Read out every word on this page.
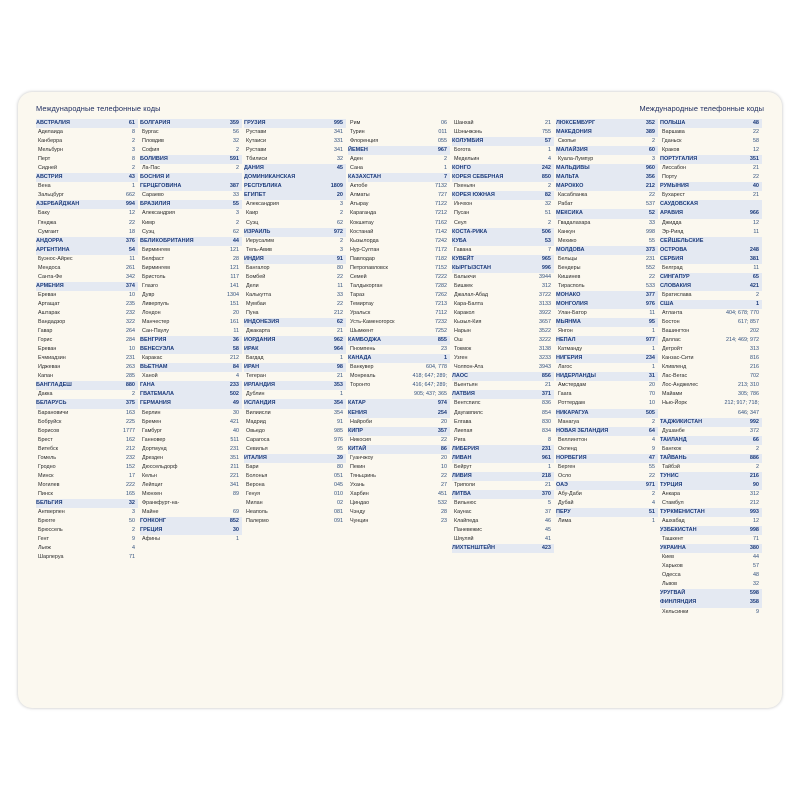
Международные телефонные коды	Международные телефонные коды
АВСТРАЛИЯ	61
Аделаида	8
Канберра	2
Мельбурн	3
Перт	8
Сидней	2
АВСТРИЯ	43
Вена	1
Зальцбург	662
АЗЕРБАЙДЖАН	994
Баку	12
Гянджа	22
Сумгаит	18
АНДОРРА	376
АРГЕНТИНА	54
Буэнос-Айрес	11
Мендоса	261
Санта-Фе	342
АРМЕНИЯ	374
Ереван	10
Артащат	235
Аштарак	232
Вандадзор	322
Гавар	264
Горис	284
Ереван	10
Ечмиадзин	231
Иджеван	263
Капан	285
БАНГЛАДЕШ	880
Дакка	2
БЕЛАРУСЬ	375
Барановичи	163
Бобруйск	225
Борисов	1777
Брест	162
Витебск	212
Гомель	232
Гродно	152
Минск	17
Могилев	222
Пинск	165
БЕЛЬГИЯ	32
Антверпен	3
Брюгге	50
Брюссель	2
Гент	9
Льеж	4
Шарлеруа	71
БОЛГАРИЯ	359
Бургас	56
Пловдив	32
София	2
БОЛИВИЯ	591
Ла-Пас	2
БОСНИЯ И
ГЕРЦЕГОВИНА	387
Сараево	33
БРАЗИЛИЯ	55
Александрия	3
Кимр	2
Суэц	62
ВЕЛИКОБРИТАНИЯ	44
Бирмингем	121
Белфаст	28
Бирмингем	121
Бристоль	117
Глазго	141
Дувр	1304
Ливерпуль	151
Лондон	20
Манчестер	161
Сан-Паулу	11
ВЕНГРИЯ	36
ВЕНЕСУЭЛА	58
Каракас	212
ВЬЕТНАМ	84
Ханой	4
ГАНА	233
ГВАТЕМАЛА	502
ГЕРМАНИЯ	49
Берлин	30
Бремен	421
Гамбург	40
Ганновер	511
Дортмунд	231
Дрезден	351
Дюссельдорф	211
Кельн	221
Лейпциг	341
Мюнхен	89
Франкфурт-на-
Майне	69
ГОНКОНГ	852
ГРЕЦИЯ	30
Афины	1
ГРУЗИЯ	995
Рустави	341
Кутаиси	331
Рустави	341
Тбилиси	32
ДАНИЯ	45
ДОМИНИКАНСКАЯ
РЕСПУБЛИКА	1809
ЕГИПЕТ	20
Александрия	3
Каир	2
Суэц	62
ИЗРАИЛЬ	972
Иерусалим	2
Тель-Авив	3
ИНДИЯ	91
Бангалор	80
Бомбей	22
Дели	11
Калькутта	33
Мумбаи	22
Пуна	212
ИНДОНЕЗИЯ	62
Джакарта	21
ИОРДАНИЯ	962
ИРАК	964
Багдад	1
ИРАН	98
Тегеран	21
ИРЛАНДИЯ	353
Дублин	1
ИСЛАНДИЯ	354
Вилиисли	354
Мадрид	91
Овьедо	985
Сарагоса	976
Севилья	95
ИТАЛИЯ	39
Бари	80
Болонья	051
Верона	045
Генуя	010
Милан	02
Неаполь	081
Палермо	091
Рим	06
Турин	011
Флоренция	055
ЙЕМЕН	967
Аден	2
Сана	1
КАЗАХСТАН	7
Актобе	7132
Алматы	727
Атырау	7122
Караганда	7212
Кокшетау	7162
Костанай	7142
Кызылорда	7242
Нур-Султан	7172
Павлодар	7182
Петропавловск	7152
Семей	7222
Талдыкорган	7282
Тараз	7262
Темиртау	7213
Уральск	7112
Усть-Каменогорск	7232
Шымкент	7252
КАМБОДЖА	855
Пномпень	23
КАНАДА	1
Ванкувер	604, 778
Монреаль	418; 647; 289;
Торонто	416; 647; 289;
905; 437; 365
КАТАР	974
КЕНИЯ	254
Найроби	20
КИПР	357
Никосия	22
КИТАЙ	86
Гуанчжоу	20
Пекин	10
Тяньцзинь	22
Ухань	27
Харбин	451
Циндао	532
Чэнду	28
Чунцин	23
Шанхай	21
Шэньчжэнь	755
КОЛУМБИЯ	57
Богота	1
Медельин	4
КОНГО	242
КОРЕЯ СЕВЕРНАЯ	850
Пхеньян	2
КОРЕЯ ЮЖНАЯ	82
Инчхон	32
Пусан	51
Сеул	2
КОСТА-РИКА	506
КУБА	53
Гавана	7
КУВЕЙТ	965
КЫРГЫЗСТАН	996
Балыкчи	3944
Бишкек	312
Джалал-Абад	3722
Кара-Балта	3133
Каракол	3922
Кызыл-Кия	3657
Нарын	3522
Ош	3222
Токмок	3138
Узген	3233
Чолпон-Ата	3943
ЛАОС	856
Вьентьян	21
ЛАТВИЯ	371
Вентспилс	836
Даугавпилс	854
Елгава	830
Лиепая	834
Рига	8
ЛИБЕРИЯ	231
ЛИВАН	961
Бейрут	1
ЛИВИЯ	218
Триполи	21
ЛИТВА	370
Вильнюс	5
Каунас	37
Клайпеда	46
Паневежис	45
Шяуляй	41
ЛИХТЕНШТЕЙН	423
ЛЮКСЕМБУРГ	352
МАКЕДОНИЯ	389
Скопье	2
МАЛАЙЗИЯ	60
Куала-Лумпур	3
МАЛЬДИВЫ	960
МАЛЬТА	356
МАРОККО	212
Касабланка	22
Рабат	537
МЕКСИКА	52
Гвадалахара	33
Канкун	998
Мехико	55
МОЛДОВА	373
Бельцы	231
Бендеры	552
Кишинев	22
Тирасполь	533
МОНАКО	377
МОНГОЛИЯ	976
Улан-Батор	11
МЬЯНМА	95
Янгон	1
НЕПАЛ	977
Катманду	1
НИГЕРИЯ	234
Лагос	1
НИДЕРЛАНДЫ	31
Амстердам	20
Гаага	70
Роттердам	10
НИКАРАГУА	505
Манагуа	2
НОВАЯ ЗЕЛАНДИЯ	64
Веллингтон	4
Окленд	9
НОРВЕГИЯ	47
Берген	55
Осло	22
ОАЭ	971
Абу-Даби	2
Дубай	4
ПЕРУ	51
Лима	1
ПОЛЬША	48
Варшава	22
Гданьск	58
Краков	12
ПОРТУГАЛИЯ	351
Лиссабон	21
Порту	22
РУМЫНИЯ	40
Бухарест	21
САУДОВСКАЯ
АРАВИЯ	966
Джидда	12
Эр-Рияд	11
СЕЙШЕЛЬСКИЕ
ОСТРОВА	248
СЕРБИЯ	381
Белград	11
СИНГАПУР	65
СЛОВАКИЯ	421
Братислава	2
США	1
Атланта	404; 678; 770
Бостон	617; 857
Вашингтон	202
Даллас	214; 469; 972
Детройт	313
Канзас-Сити	816
Кливленд	216
Лас-Вегас	702
Лос-Анджелес	213; 310
Майами	305; 786
Нью-Йорк	212; 917; 718;
646; 347
ТАДЖИКИСТАН	992
Душанбе	372
ТАИЛАНД	66
Бангкок	2
ТАЙВАНЬ	886
Тайбэй	2
ТУНИС	216
ТУРЦИЯ	90
Анкара	312
Стамбул	212
ТУРКМЕНИСТАН	993
Ашхабад	12
УЗБЕКИСТАН	998
Ташкент	71
УКРАИНА	380
Киев	44
Харьков	57
Одесса	48
Львов	32
УРУГВАЙ	598
ФИНЛЯНДИЯ	358
Хельсинки	9
